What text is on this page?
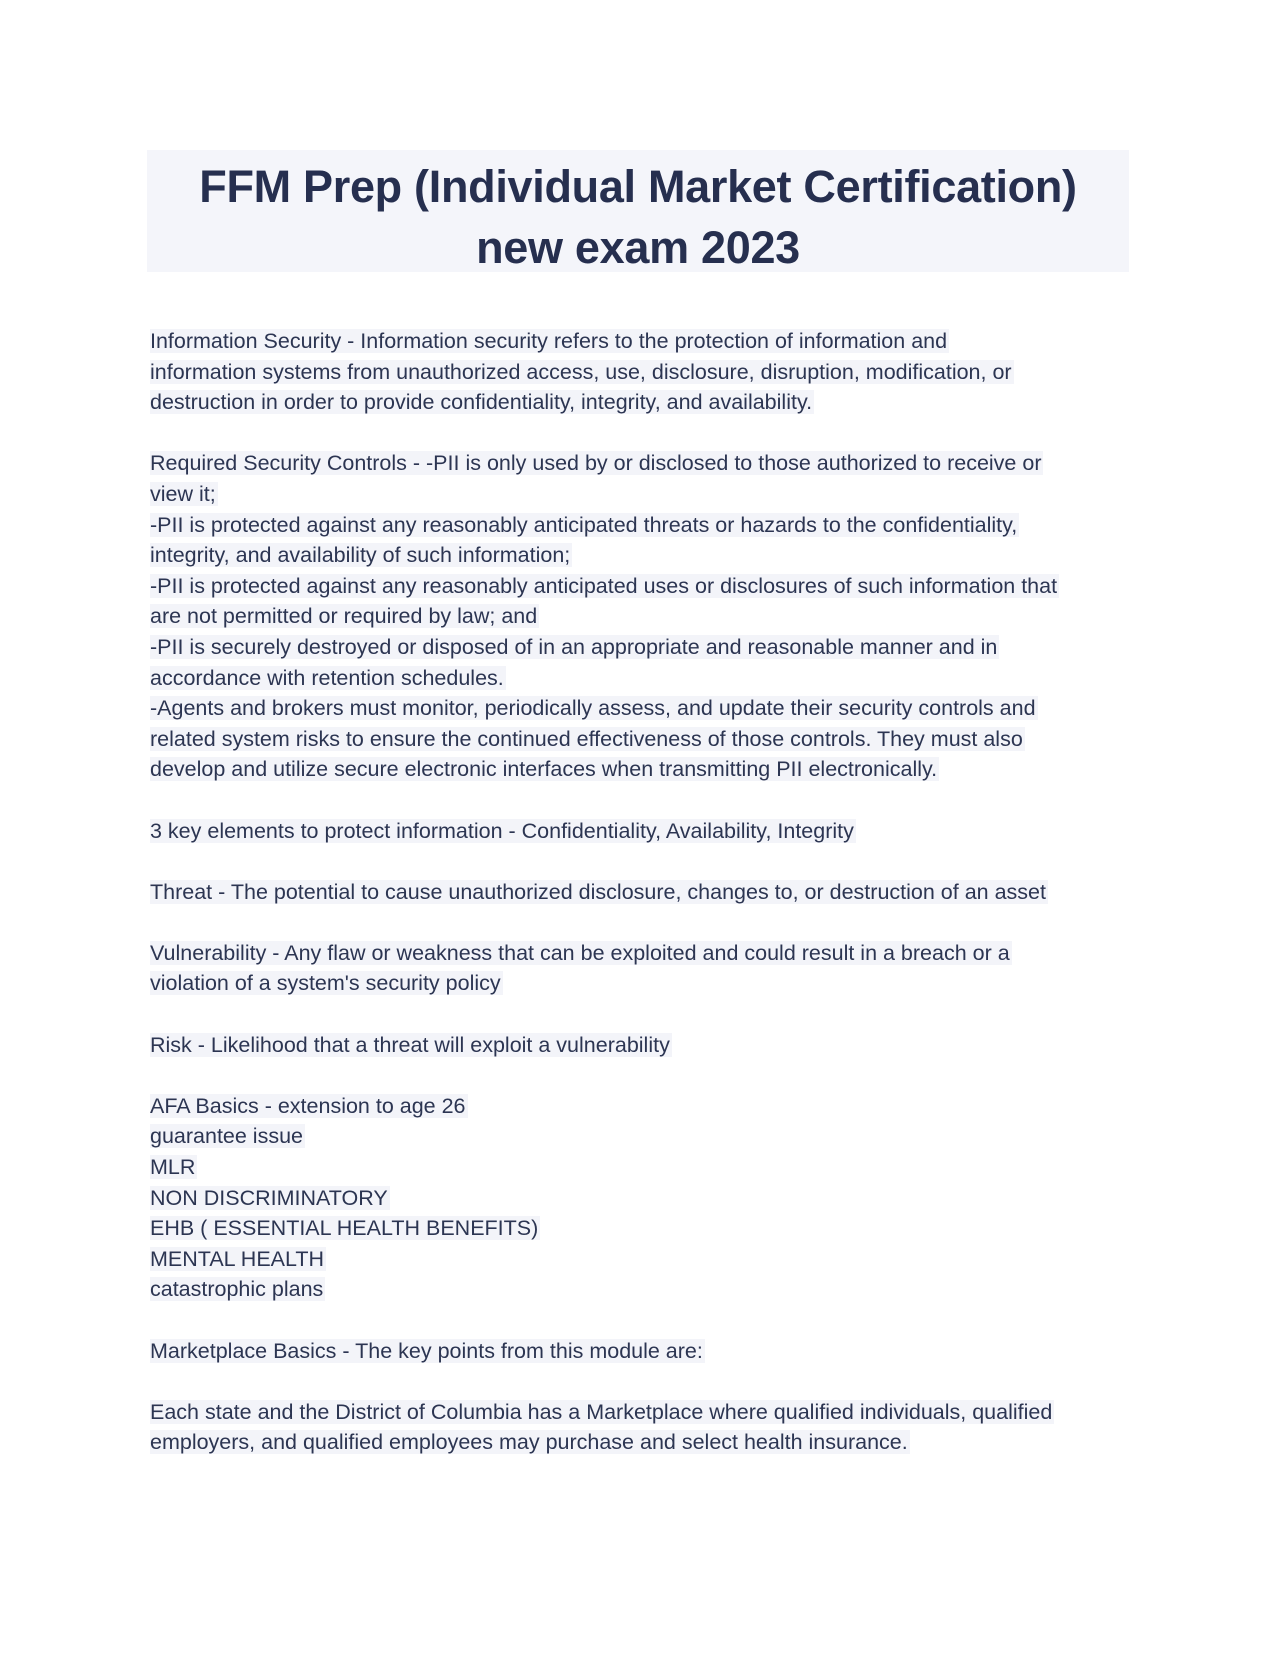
FFM Prep (Individual Market Certification) new exam 2023
Information Security - Information security refers to the protection of information and
information systems from unauthorized access, use, disclosure, disruption, modification, or
destruction in order to provide confidentiality, integrity, and availability.
Required Security Controls - -PII is only used by or disclosed to those authorized to receive or
view it;
-PII is protected against any reasonably anticipated threats or hazards to the confidentiality,
integrity, and availability of such information;
-PII is protected against any reasonably anticipated uses or disclosures of such information that
are not permitted or required by law; and
-PII is securely destroyed or disposed of in an appropriate and reasonable manner and in
accordance with retention schedules.
-Agents and brokers must monitor, periodically assess, and update their security controls and
related system risks to ensure the continued effectiveness of those controls. They must also
develop and utilize secure electronic interfaces when transmitting PII electronically.
3 key elements to protect information - Confidentiality, Availability, Integrity
Threat - The potential to cause unauthorized disclosure, changes to, or destruction of an asset
Vulnerability - Any flaw or weakness that can be exploited and could result in a breach or a
violation of a system's security policy
Risk - Likelihood that a threat will exploit a vulnerability
AFA Basics - extension to age 26
guarantee issue
MLR
NON DISCRIMINATORY
EHB ( ESSENTIAL HEALTH BENEFITS)
MENTAL HEALTH
catastrophic plans
Marketplace Basics - The key points from this module are:
Each state and the District of Columbia has a Marketplace where qualified individuals, qualified
employers, and qualified employees may purchase and select health insurance.
